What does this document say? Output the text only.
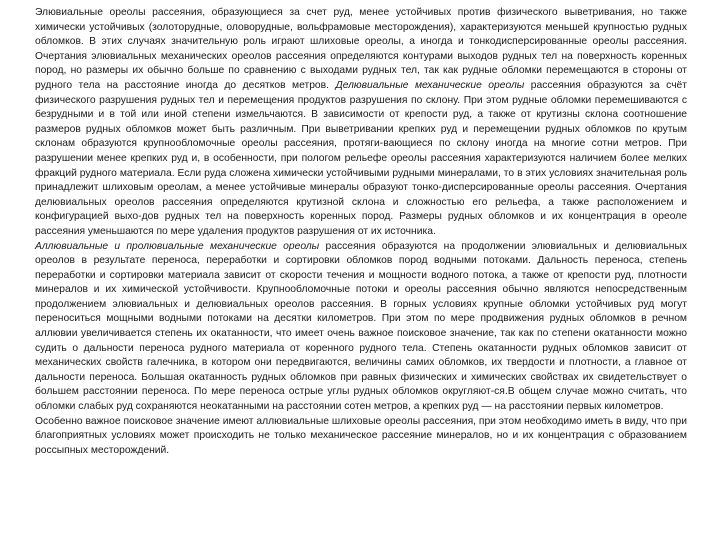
Элювиальные ореолы рассеяния, образующиеся за счет руд, менее устойчивых против физического выветривания, но также химически устойчивых (золоторудные, оловорудные, вольфрамовые месторождения), характеризуются меньшей крупностью рудных обломков. В этих случаях значительную роль играют шлиховые ореолы, а иногда и тонкодисперсированные ореолы рассеяния. Очертания элювиальных механических ореолов рассеяния определяются контурами выходов рудных тел на поверхность коренных пород, но размеры их обычно больше по сравнению с выходами рудных тел, так как рудные обломки перемещаются в стороны от рудного тела на расстояние иногда до десятков метров. Делювиальные механические ореолы рассеяния образуются за счёт физического разрушения рудных тел и перемещения продуктов разрушения по склону. При этом рудные обломки перемешиваются с безрудными и в той или иной степени измельчаются. В зависимости от крепости руд, а также от крутизны склона соотношение размеров рудных обломков может быть различным. При выветривании крепких руд и перемещении рудных обломков по крутым склонам образуются крупнообломочные ореолы рассеяния, протяги-вающиеся по склону иногда на многие сотни метров. При разрушении менее крепких руд и, в особенности, при пологом рельефе ореолы рассеяния характеризуются наличием более мелких фракций рудного материала. Если руда сложена химически устойчивыми рудными минералами, то в этих условиях значительная роль принадлежит шлиховым ореолам, а менее устойчивые минералы образуют тонко-дисперсированные ореолы рассеяния. Очертания делювиальных ореолов рассеяния определяются крутизной склона и сложностью его рельефа, а также расположением и конфигурацией выхо-дов рудных тел на поверхность коренных пород. Размеры рудных обломков и их концентрация в ореоле рассеяния уменьшаются по мере удаления продуктов разрушения от их источника.

Аллювиальные и пролювиальные механические ореолы рассеяния образуются на продолжении элювиальных и делювиальных ореолов в результате переноса, переработки и сортировки обломков пород водными потоками. Дальность переноса, степень переработки и сортировки материала зависит от скорости течения и мощности водного потока, а также от крепости руд, плотности минералов и их химической устойчивости. Крупнообломочные потоки и ореолы рассеяния обычно являются непосредственным продолжением элювиальных и делювиальных ореолов рассеяния. В горных условиях крупные обломки устойчивых руд могут переноситься мощными водными потоками на десятки километров. При этом по мере продвижения рудных обломков в речном аллювии увеличивается степень их окатанности, что имеет очень важное поисковое значение, так как по степени окатанности можно судить о дальности переноса рудного материала от коренного рудного тела. Степень окатанности рудных обломков зависит от механических свойств галечника, в котором они передвигаются, величины самих обломков, их твердости и плотности, а главное от дальности переноса. Большая окатанность рудных обломков при равных физических и химических свойствах их свидетельствует о большем расстоянии переноса. По мере переноса острые углы рудных обломков округляют-ся.В общем случае можно считать, что обломки слабых руд сохраняются неокатанными на расстоянии сотен метров, а крепких руд — на расстоянии первых километров.

Особенно важное поисковое значение имеют аллювиальные шлиховые ореолы рассеяния, при этом необходимо иметь в виду, что при благоприятных условиях может происходить не только механическое рассеяние минералов, но и их концентрация с образованием россыпных месторождений.
